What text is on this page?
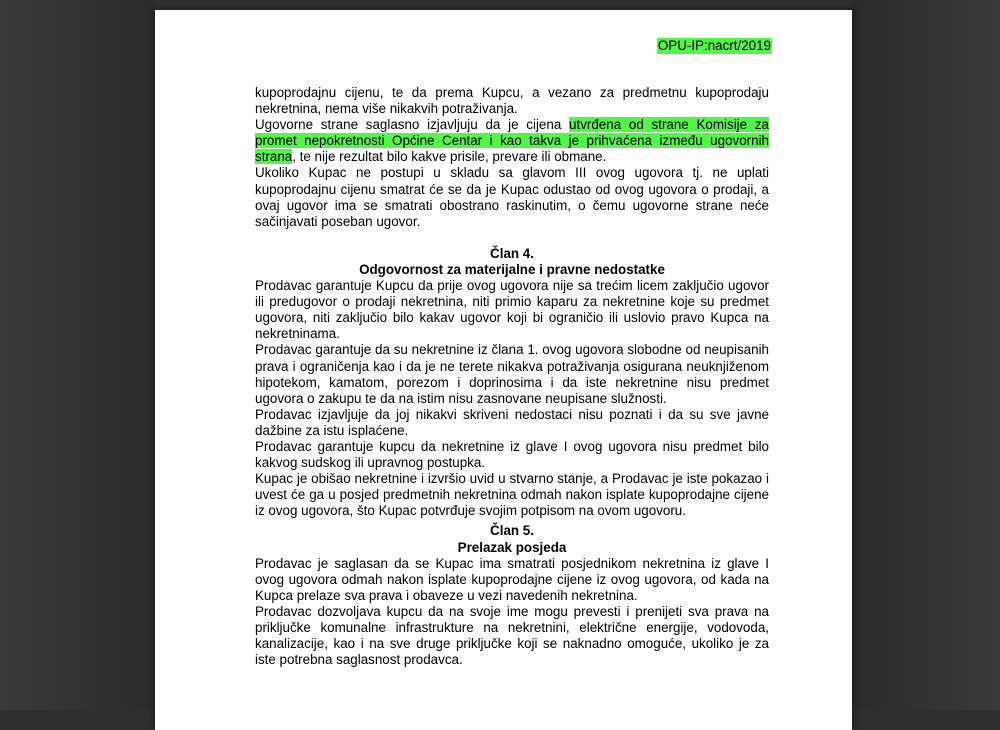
OPU-IP:nacrt/2019

kupoprodajnu cijenu, te da prema Kupcu, a vezano za predmetnu kupoprodaju nekretnina, nema više nikakvih potraživanja.

Ugovorne strane saglasno izjavljuju da je cijena utvrđena od strane Komisije za promet nepokretnosti Općine Centar i kao takva je prihvaćena između ugovornih strana, te nije rezultat bilo kakve prisile, prevare ili obmane.

Ukoliko Kupac ne postupi u skladu sa glavom III ovog ugovora tj. ne uplati kupoprodajnu cijenu smatrat će se da je Kupac odustao od ovog ugovora o prodaji, a ovaj ugovor ima se smatrati obostrano raskinutim, o čemu ugovorne strane neće sačinjavati poseban ugovor.

Član 4.

Odgovornost za materijalne i pravne nedostatke

Prodavac garantuje Kupcu da prije ovog ugovora nije sa trećim licem zaključio ugovor ili predugovor o prodaji nekretnina, niti primio kaparu za nekretnine koje su predmet ugovora, niti zaključio bilo kakav ugovor koji bi ograničio ili uslovio pravo Kupca na nekretninama.

Prodavac garantuje da su nekretnine iz člana 1. ovog ugovora slobodne od neupisanih prava i ograničenja kao i da je ne terete nikakva potraživanja osigurana neuknjiženom hipotekom, kamatom, porezom i doprinosima i da iste nekretnine nisu predmet ugovora o zakupu te da na istim nisu zasnovane neupisane služnosti.

Prodavac izjavljuje da joj nikakvi skriveni nedostaci nisu poznati i da su sve javne dažbine za istu isplaćene.

Prodavac garantuje kupcu da nekretnine iz glave I ovog ugovora nisu predmet bilo kakvog sudskog ili upravnog postupka.

Kupac je obišao nekretnine i izvršio uvid u stvarno stanje, a Prodavac je iste pokazao i uvest će ga u posjed predmetnih nekretnina odmah nakon isplate kupoprodajne cijene iz ovog ugovora, što Kupac potvrđuje svojim potpisom na ovom ugovoru.

Član 5.

Prelazak posjeda

Prodavac je saglasan da se Kupac ima smatrati posjednikom nekretnina iz glave I ovog ugovora odmah nakon isplate kupoprodajne cijene iz ovog ugovora, od kada na Kupca prelaze sva prava i obaveze u vezi navedenih nekretnina.

Prodavac dozvoljava kupcu da na svoje ime mogu prevesti i prenijeti sva prava na priključke komunalne infrastrukture na nekretnini, električne energije, vodovoda, kanalizacije, kao i na sve druge priključke koji se naknadno omoguće, ukoliko je za iste potrebna saglasnost prodavca.
